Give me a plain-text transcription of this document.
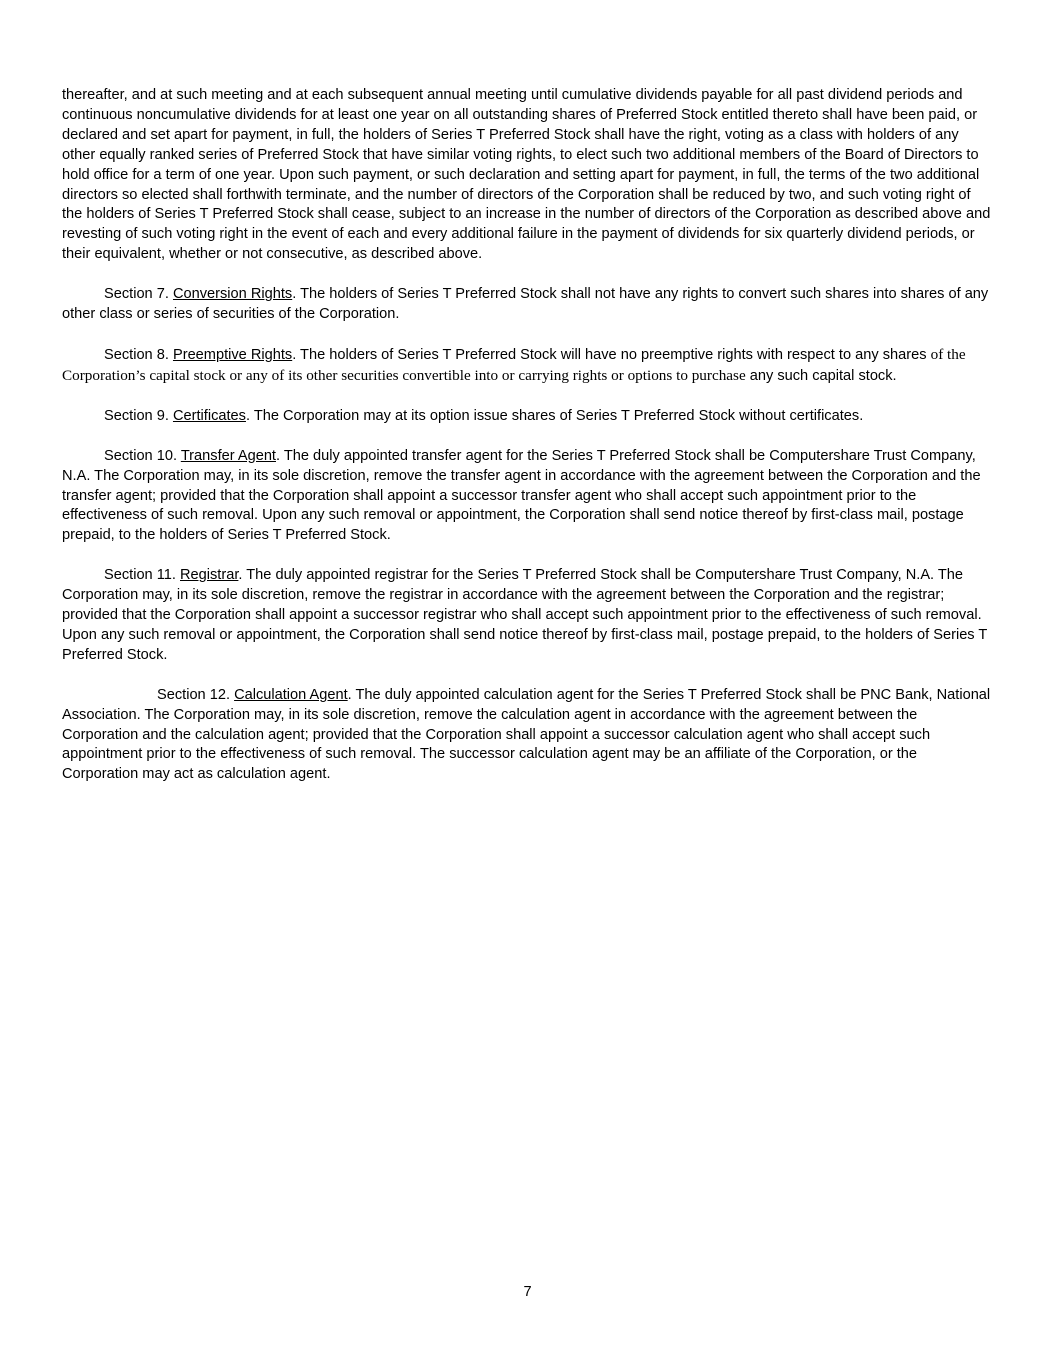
thereafter, and at such meeting and at each subsequent annual meeting until cumulative dividends payable for all past dividend periods and continuous noncumulative dividends for at least one year on all outstanding shares of Preferred Stock entitled thereto shall have been paid, or declared and set apart for payment, in full, the holders of Series T Preferred Stock shall have the right, voting as a class with holders of any other equally ranked series of Preferred Stock that have similar voting rights, to elect such two additional members of the Board of Directors to hold office for a term of one year. Upon such payment, or such declaration and setting apart for payment, in full, the terms of the two additional directors so elected shall forthwith terminate, and the number of directors of the Corporation shall be reduced by two, and such voting right of the holders of Series T Preferred Stock shall cease, subject to an increase in the number of directors of the Corporation as described above and revesting of such voting right in the event of each and every additional failure in the payment of dividends for six quarterly dividend periods, or their equivalent, whether or not consecutive, as described above.

Section 7. Conversion Rights. The holders of Series T Preferred Stock shall not have any rights to convert such shares into shares of any other class or series of securities of the Corporation.

Section 8. Preemptive Rights. The holders of Series T Preferred Stock will have no preemptive rights with respect to any shares of the Corporation’s capital stock or any of its other securities convertible into or carrying rights or options to purchase any such capital stock.

Section 9. Certificates. The Corporation may at its option issue shares of Series T Preferred Stock without certificates.

Section 10. Transfer Agent. The duly appointed transfer agent for the Series T Preferred Stock shall be Computershare Trust Company, N.A. The Corporation may, in its sole discretion, remove the transfer agent in accordance with the agreement between the Corporation and the transfer agent; provided that the Corporation shall appoint a successor transfer agent who shall accept such appointment prior to the effectiveness of such removal. Upon any such removal or appointment, the Corporation shall send notice thereof by first-class mail, postage prepaid, to the holders of Series T Preferred Stock.

Section 11. Registrar. The duly appointed registrar for the Series T Preferred Stock shall be Computershare Trust Company, N.A. The Corporation may, in its sole discretion, remove the registrar in accordance with the agreement between the Corporation and the registrar; provided that the Corporation shall appoint a successor registrar who shall accept such appointment prior to the effectiveness of such removal. Upon any such removal or appointment, the Corporation shall send notice thereof by first-class mail, postage prepaid, to the holders of Series T Preferred Stock.

Section 12. Calculation Agent. The duly appointed calculation agent for the Series T Preferred Stock shall be PNC Bank, National Association. The Corporation may, in its sole discretion, remove the calculation agent in accordance with the agreement between the Corporation and the calculation agent; provided that the Corporation shall appoint a successor calculation agent who shall accept such appointment prior to the effectiveness of such removal. The successor calculation agent may be an affiliate of the Corporation, or the Corporation may act as calculation agent.

7
